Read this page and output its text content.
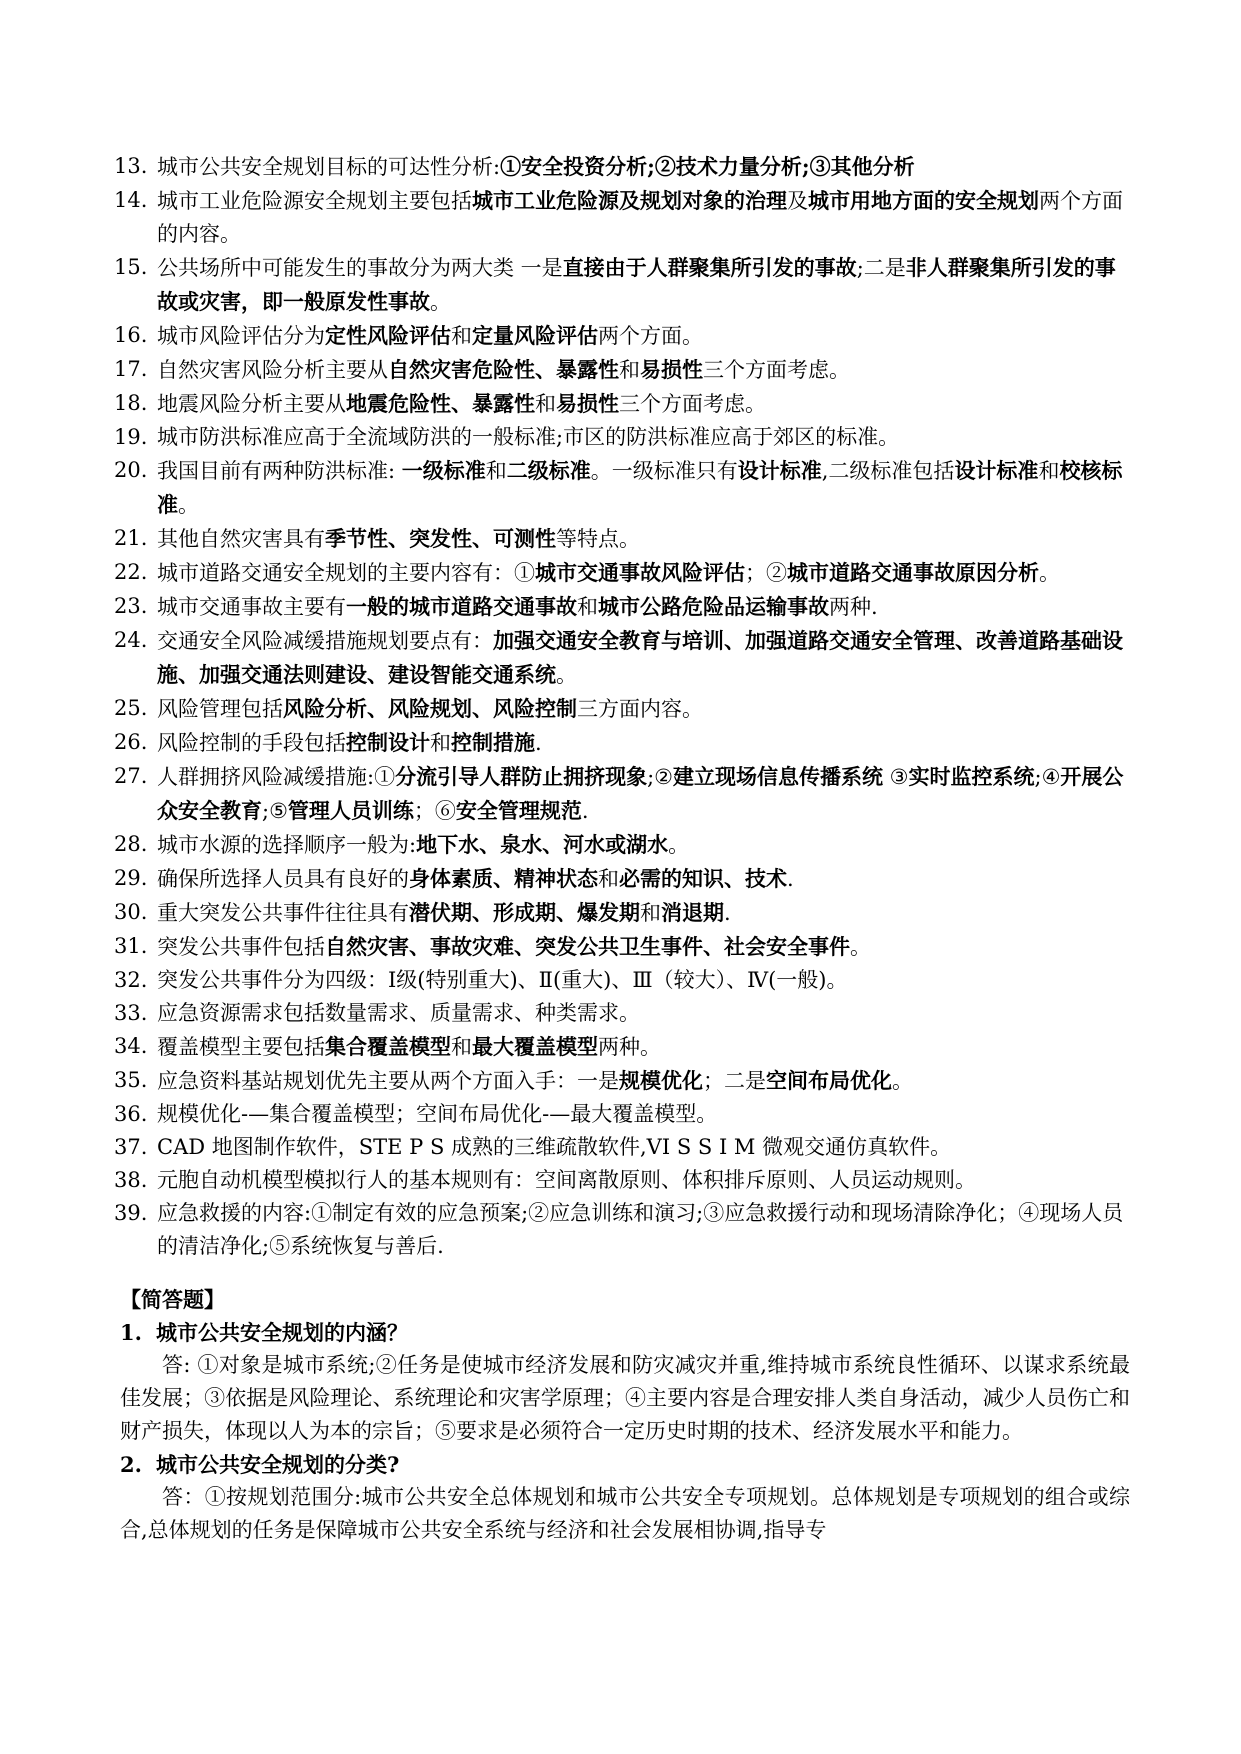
13. 城市公共安全规划目标的可达性分析:①安全投资分析;②技术力量分析;③其他分析
14. 城市工业危险源安全规划主要包括城市工业危险源及规划对象的治理及城市用地方面的安全规划两个方面的内容。
15. 公共场所中可能发生的事故分为两大类 一是直接由于人群聚集所引发的事故;二是非人群聚集所引发的事故或灾害，即一般原发性事故。
16. 城市风险评估分为定性风险评估和定量风险评估两个方面。
17. 自然灾害风险分析主要从自然灾害危险性、暴露性和易损性三个方面考虑。
18. 地震风险分析主要从地震危险性、暴露性和易损性三个方面考虑。
19. 城市防洪标准应高于全流域防洪的一般标准;市区的防洪标准应高于郊区的标准。
20. 我国目前有两种防洪标准: 一级标准和二级标准。一级标准只有设计标准,二级标准包括设计标准和校核标准。
21. 其他自然灾害具有季节性、突发性、可测性等特点。
22. 城市道路交通安全规划的主要内容有：①城市交通事故风险评估；②城市道路交通事故原因分析。
23. 城市交通事故主要有一般的城市道路交通事故和城市公路危险品运输事故两种.
24. 交通安全风险减缓措施规划要点有：加强交通安全教育与培训、加强道路交通安全管理、改善道路基础设施、加强交通法则建设、建设智能交通系统。
25. 风险管理包括风险分析、风险规划、风险控制三方面内容。
26. 风险控制的手段包括控制设计和控制措施.
27. 人群拥挤风险减缓措施:①分流引导人群防止拥挤现象;②建立现场信息传播系统 ③实时监控系统;④开展公众安全教育;⑤管理人员训练；⑥安全管理规范.
28. 城市水源的选择顺序一般为:地下水、泉水、河水或湖水。
29. 确保所选择人员具有良好的身体素质、精神状态和必需的知识、技术.
30. 重大突发公共事件往往具有潜伏期、形成期、爆发期和消退期.
31. 突发公共事件包括自然灾害、事故灾难、突发公共卫生事件、社会安全事件。
32. 突发公共事件分为四级：Ⅰ级(特别重大)、Ⅱ(重大)、Ⅲ（较大）、Ⅳ(一般)。
33. 应急资源需求包括数量需求、质量需求、种类需求。
34. 覆盖模型主要包括集合覆盖模型和最大覆盖模型两种。
35. 应急资料基站规划优先主要从两个方面入手：一是规模优化；二是空间布局优化。
36. 规模优化-—集合覆盖模型；空间布局优化-—最大覆盖模型。
37. CAD 地图制作软件，STE P S 成熟的三维疏散软件,VI S S I M 微观交通仿真软件。
38. 元胞自动机模型模拟行人的基本规则有：空间离散原则、体积排斥原则、人员运动规则。
39. 应急救援的内容:①制定有效的应急预案;②应急训练和演习;③应急救援行动和现场清除净化；④现场人员的清洁净化;⑤系统恢复与善后.
【简答题】
1. 城市公共安全规划的内涵？
答: ①对象是城市系统;②任务是使城市经济发展和防灾减灾并重,维持城市系统良性循环、以谋求系统最佳发展；③依据是风险理论、系统理论和灾害学原理；④主要内容是合理安排人类自身活动，减少人员伤亡和财产损失，体现以人为本的宗旨；⑤要求是必须符合一定历史时期的技术、经济发展水平和能力。
2. 城市公共安全规划的分类?
答：①按规划范围分:城市公共安全总体规划和城市公共安全专项规划。总体规划是专项规划的组合或综合,总体规划的任务是保障城市公共安全系统与经济和社会发展相协调,指导专
